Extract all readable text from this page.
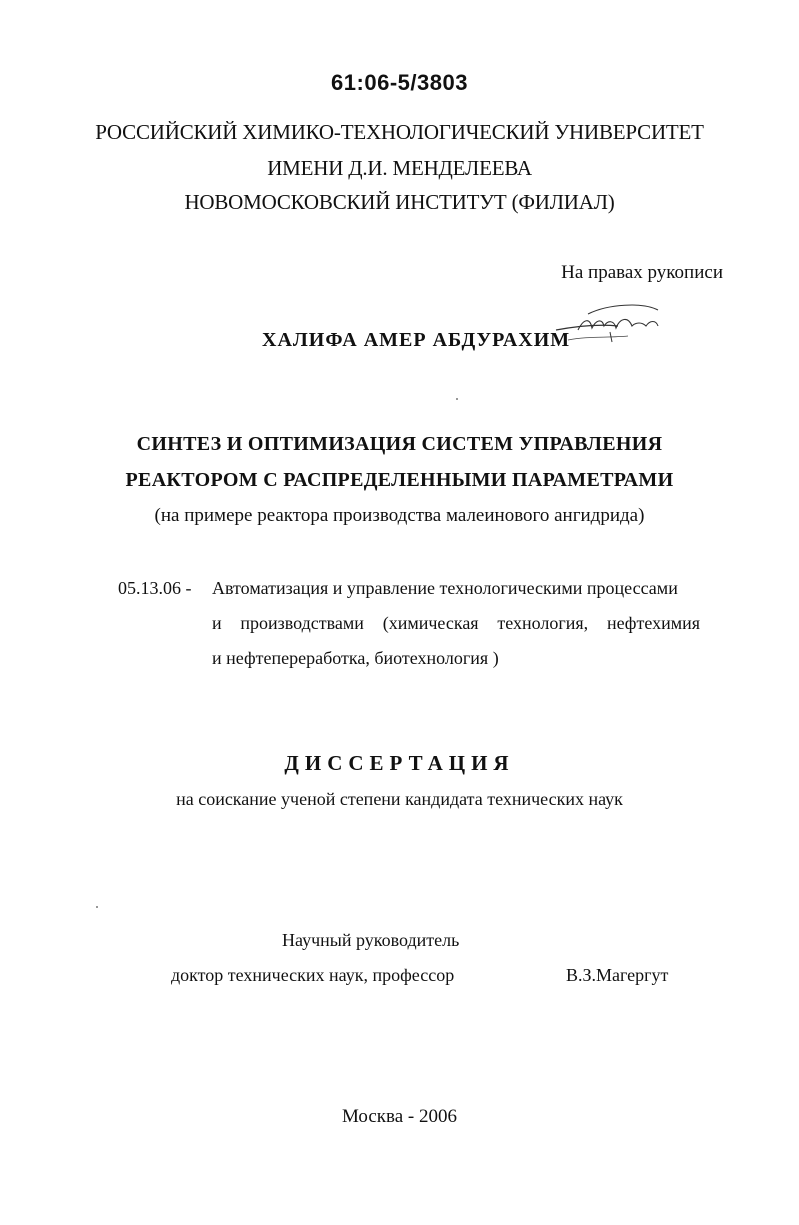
61:06-5/3803
РОССИЙСКИЙ ХИМИКО-ТЕХНОЛОГИЧЕСКИЙ УНИВЕРСИТЕТ
ИМЕНИ Д.И. МЕНДЕЛЕЕВА
НОВОМОСКОВСКИЙ ИНСТИТУТ (ФИЛИАЛ)
На правах рукописи
ХАЛИФА АМЕР АБДУРАХИМ
СИНТЕЗ И ОПТИМИЗАЦИЯ СИСТЕМ УПРАВЛЕНИЯ
РЕАКТОРОМ С РАСПРЕДЕЛЕННЫМИ ПАРАМЕТРАМИ
(на примере реактора производства малеинового ангидрида)
05.13.06 - Автоматизация и управление технологическими процессами
и производствами (химическая технология, нефтехимия
и нефтепереработка, биотехнология )
ДИССЕРТАЦИЯ
на соискание ученой степени кандидата технических наук
Научный руководитель
доктор технических наук, профессор	В.З.Магергут
Москва - 2006
